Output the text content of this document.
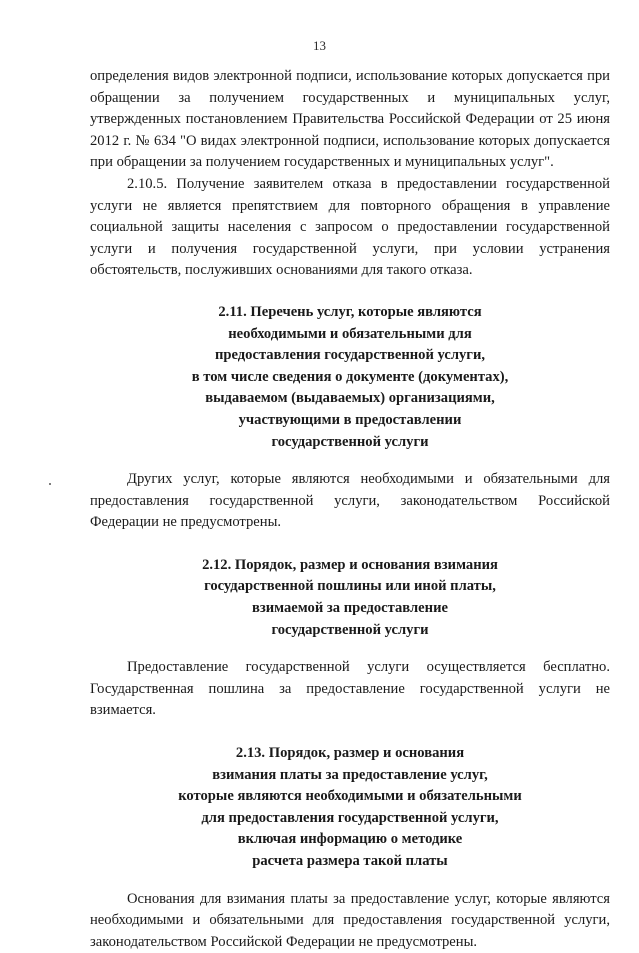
13

определения видов электронной подписи, использование которых допускается при обращении за получением государственных и муниципальных услуг, утвержденных постановлением Правительства Российской Федерации от 25 июня 2012 г. № 634 "О видах электронной подписи, использование которых допускается при обращении за получением государственных и муниципальных услуг".

2.10.5. Получение заявителем отказа в предоставлении государственной услуги не является препятствием для повторного обращения в управление социальной защиты населения с запросом о предоставлении государственной услуги и получения государственной услуги, при условии устранения обстоятельств, послуживших основаниями для такого отказа.

2.11. Перечень услуг, которые являются
необходимыми и обязательными для
предоставления государственной услуги,
в том числе сведения о документе (документах),
выдаваемом (выдаваемых) организациями,
участвующими в предоставлении
государственной услуги

Других услуг, которые являются необходимыми и обязательными для предоставления государственной услуги, законодательством Российской Федерации не предусмотрены.

2.12. Порядок, размер и основания взимания
государственной пошлины или иной платы,
взимаемой за предоставление
государственной услуги

Предоставление государственной услуги осуществляется бесплатно. Государственная пошлина за предоставление государственной услуги не взимается.

2.13. Порядок, размер и основания
взимания платы за предоставление услуг,
которые являются необходимыми и обязательными
для предоставления государственной услуги,
включая информацию о методике
расчета размера такой платы

Основания для взимания платы за предоставление услуг, которые являются необходимыми и обязательными для предоставления государственной услуги, законодательством Российской Федерации не предусмотрены.
